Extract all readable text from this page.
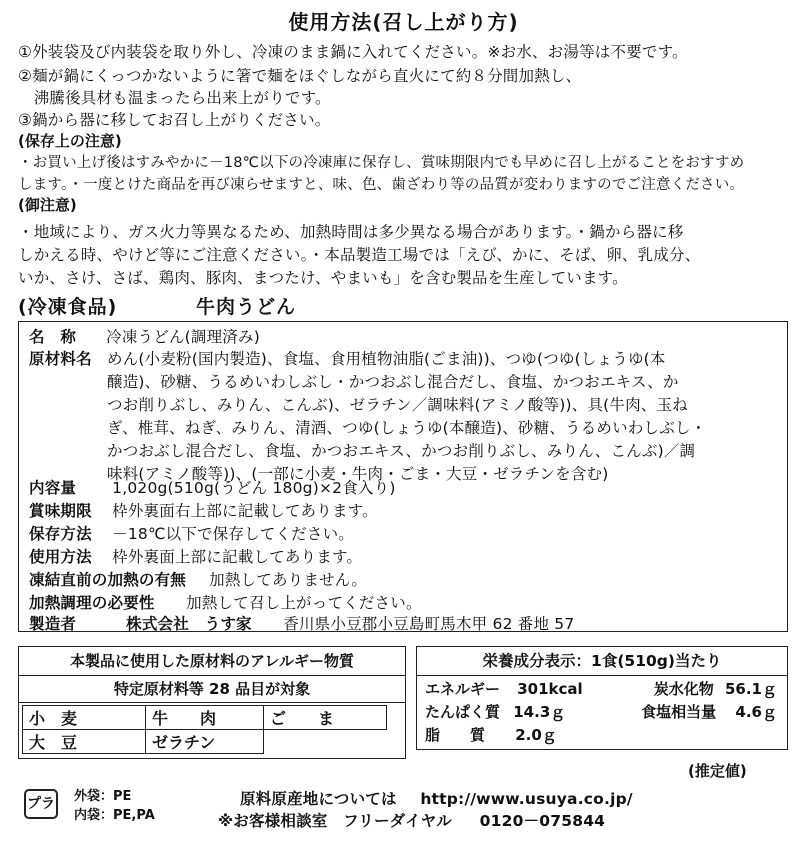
使用方法(召し上がり方)
①外装袋及び内装袋を取り外し、冷凍のまま鍋に入れてください。※お水、お湯等は不要です。
②麺が鍋にくっつかないように箸で麺をほぐしながら直火にて約８分間加熱し、
　沸騰後具材も温まったら出来上がりです。
③鍋から器に移してお召し上がりください。
(保存上の注意)
・お買い上げ後はすみやかに－18℃以下の冷凍庫に保存し、賞味期限内でも早めに召し上がることをおすすめ
します。・一度とけた商品を再び凍らせますと、味、色、歯ざわり等の品質が変わりますのでご注意ください。
(御注意)
・地域により、ガス火力等異なるため、加熱時間は多少異なる場合があります。・鍋から器に移
しかえる時、やけど等にご注意ください。・本品製造工場では「えび、かに、そば、卵、乳成分、
いか、さけ、さば、鶏肉、豚肉、まつたけ、やまいも」を含む製品を生産しています。
(冷凍食品)	牛肉うどん
名　称 冷凍うどん(調理済み)
原材料名 めん(小麦粉(国内製造)、食塩、食用植物油脂(ごま油))、つゆ(つゆ(しょうゆ(本
醸造)、砂糖、うるめいわしぶし・かつおぶし混合だし、食塩、かつおエキス、か
つお削りぶし、みりん、こんぶ)、ゼラチン／調味料(アミノ酸等))、具(牛肉、玉ね
ぎ、椎茸、ねぎ、みりん、清酒、つゆ(しょうゆ(本醸造)、砂糖、うるめいわしぶし・
かつおぶし混合だし、食塩、かつおエキス、かつお削りぶし、みりん、こんぶ)／調
味料(アミノ酸等))、(一部に小麦・牛肉・ごま・大豆・ゼラチンを含む)
内容量 1,020g(510g(うどん 180g)×2食入り)
賞味期限 枠外裏面右上部に記載してあります。
保存方法 －18℃以下で保存してください。
使用方法 枠外裏面上部に記載してあります。
凍結直前の加熱の有無 加熱してありません。
加熱調理の必要性 加熱して召し上がってください。
製造者	株式会社　うす家 香川県小豆郡小豆島町馬木甲 62 番地 57
本製品に使用した原材料のアレルギー物質
特定原材料等 28 品目が対象
小　麦	牛　　肉	ご　　ま
大　豆	ゼラチン	
栄養成分表示：1食(510g)当たり
エネルギー 301kcal	炭水化物 56.1ｇ
たんぱく質 14.3ｇ	食塩相当量 4.6ｇ
脂　　質 2.0ｇ
(推定値)
プラ 外袋：PE
内袋：PE,PA
原料原産地については http://www.usuya.co.jp/
※お客様相談室　フリーダイヤル 0120－075844
